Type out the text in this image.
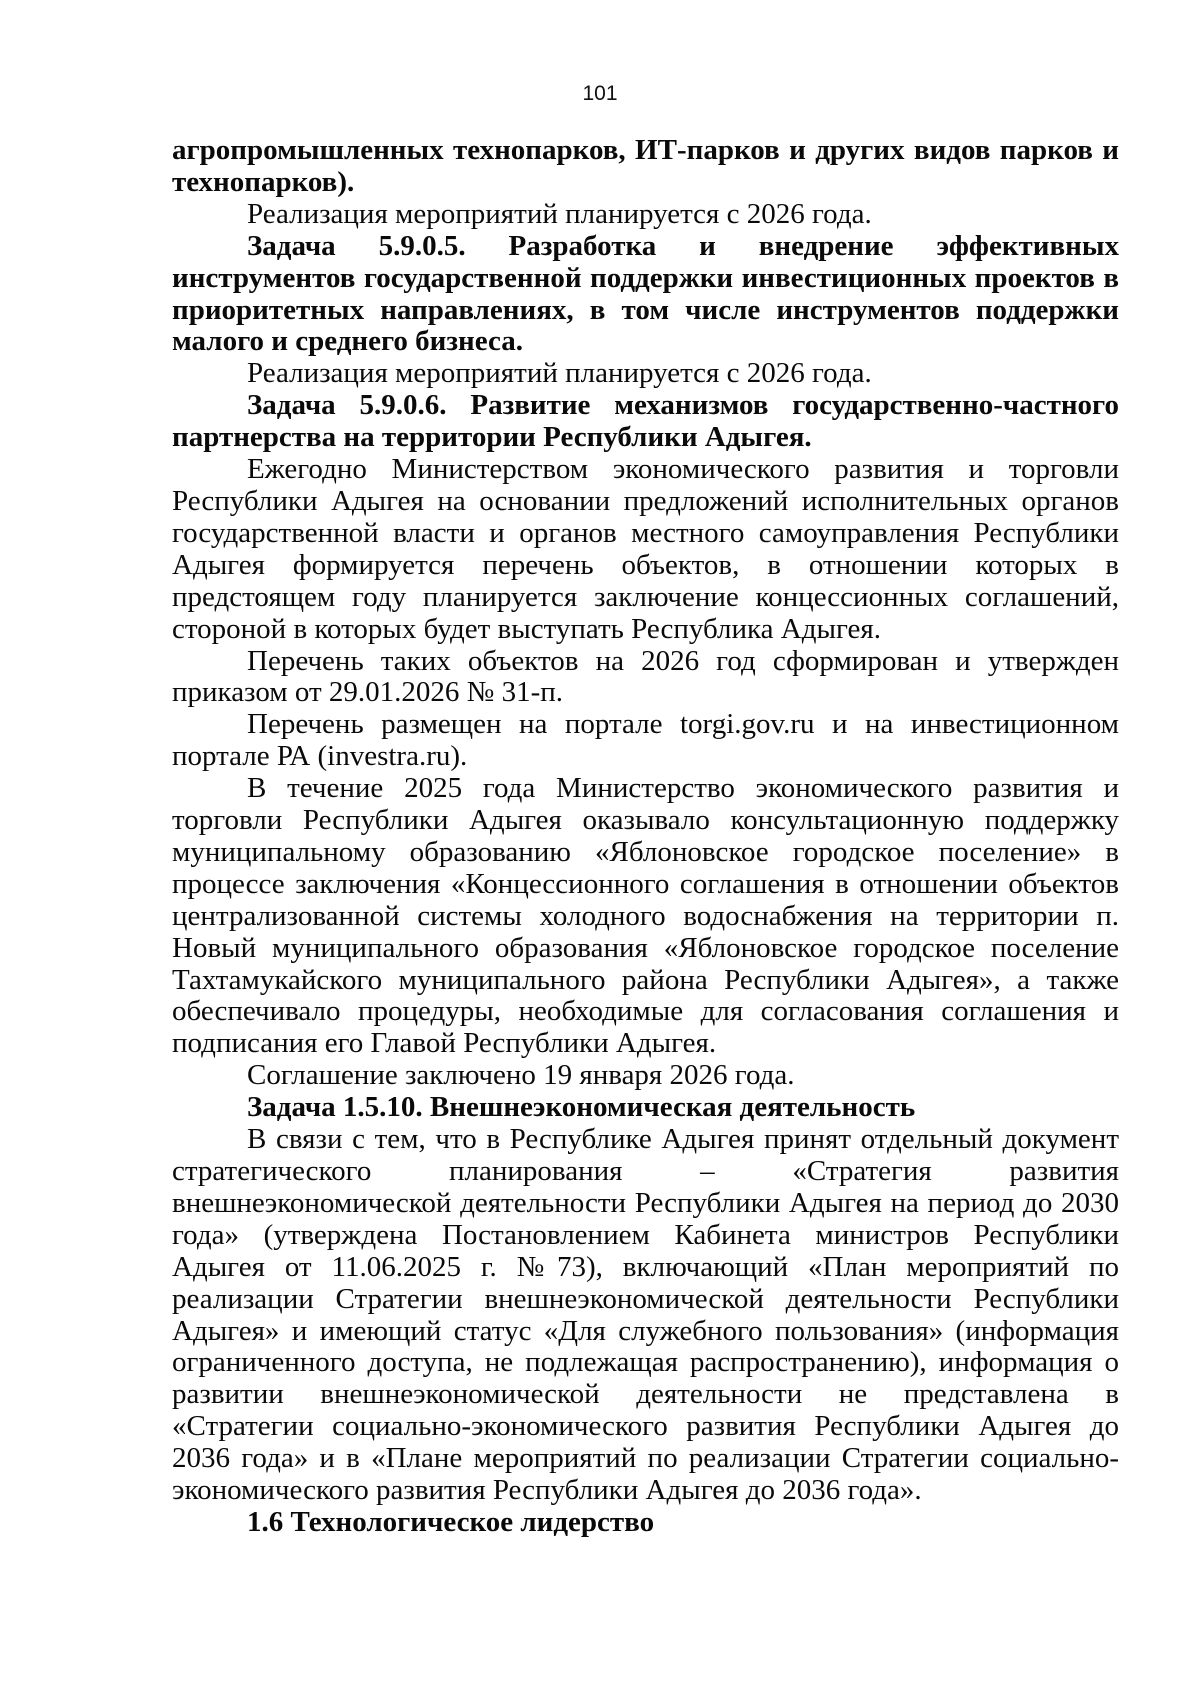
101

агропромышленных технопарков, ИТ-парков и других видов парков и технопарков).

Реализация мероприятий планируется с 2026 года.

Задача 5.9.0.5. Разработка и внедрение эффективных инструментов государственной поддержки инвестиционных проектов в приоритетных направлениях, в том числе инструментов поддержки малого и среднего бизнеса.

Реализация мероприятий планируется с 2026 года.

Задача 5.9.0.6. Развитие механизмов государственно-частного партнерства на территории Республики Адыгея.

Ежегодно Министерством экономического развития и торговли Республики Адыгея на основании предложений исполнительных органов государственной власти и органов местного самоуправления Республики Адыгея формируется перечень объектов, в отношении которых в предстоящем году планируется заключение концессионных соглашений, стороной в которых будет выступать Республика Адыгея.

Перечень таких объектов на 2026 год сформирован и утвержден приказом от 29.01.2026 № 31-п.

Перечень размещен на портале torgi.gov.ru и на инвестиционном портале РА (investra.ru).

В течение 2025 года Министерство экономического развития и торговли Республики Адыгея оказывало консультационную поддержку муниципальному образованию «Яблоновское городское поселение» в процессе заключения «Концессионного соглашения в отношении объектов централизованной системы холодного водоснабжения на территории п. Новый муниципального образования «Яблоновское городское поселение Тахтамукайского муниципального района Республики Адыгея», а также обеспечивало процедуры, необходимые для согласования соглашения и подписания его Главой Республики Адыгея.

Соглашение заключено 19 января 2026 года.

Задача 1.5.10. Внешнеэкономическая деятельность

В связи с тем, что в Республике Адыгея принят отдельный документ стратегического планирования – «Стратегия развития внешнеэкономической деятельности Республики Адыгея на период до 2030 года» (утверждена Постановлением Кабинета министров Республики Адыгея от 11.06.2025 г. №73), включающий «План мероприятий по реализации Стратегии внешнеэкономической деятельности Республики Адыгея» и имеющий статус «Для служебного пользования» (информация ограниченного доступа, не подлежащая распространению), информация о развитии внешнеэкономической деятельности не представлена в «Стратегии социально-экономического развития Республики Адыгея до 2036 года» и в «Плане мероприятий по реализации Стратегии социально-экономического развития Республики Адыгея до 2036 года».

1.6 Технологическое лидерство
